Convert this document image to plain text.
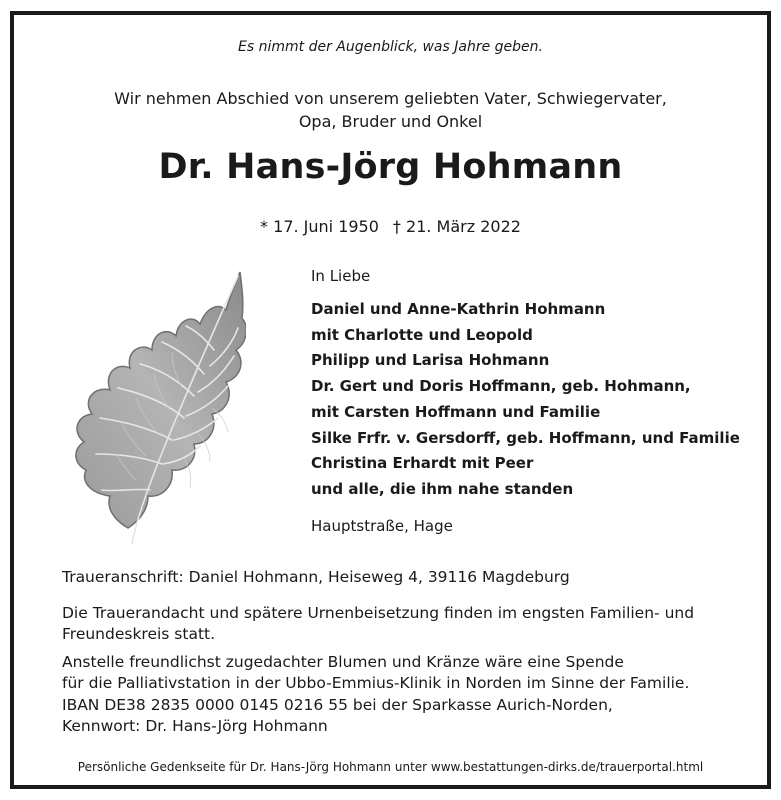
Es nimmt der Augenblick, was Jahre geben.
Wir nehmen Abschied von unserem geliebten Vater, Schwiegervater,
Opa, Bruder und Onkel
Dr. Hans-Jörg Hohmann
* 17. Juni 1950 † 21. März 2022
In Liebe
Daniel und Anne-Kathrin Hohmann
mit Charlotte und Leopold
Philipp und Larisa Hohmann
Dr. Gert und Doris Hoffmann, geb. Hohmann,
mit Carsten Hoffmann und Familie
Silke Frfr. v. Gersdorff, geb. Hoffmann, und Familie
Christina Erhardt mit Peer
und alle, die ihm nahe standen
Hauptstraße, Hage
Traueranschrift: Daniel Hohmann, Heiseweg 4, 39116 Magdeburg
Die Trauerandacht und spätere Urnenbeisetzung finden im engsten Familien- und
Freundeskreis statt.
Anstelle freundlichst zugedachter Blumen und Kränze wäre eine Spende
für die Palliativstation in der Ubbo-Emmius-Klinik in Norden im Sinne der Familie.
IBAN DE38 2835 0000 0145 0216 55 bei der Sparkasse Aurich-Norden,
Kennwort: Dr. Hans-Jörg Hohmann
Persönliche Gedenkseite für Dr. Hans-Jörg Hohmann unter www.bestattungen-dirks.de/trauerportal.html
